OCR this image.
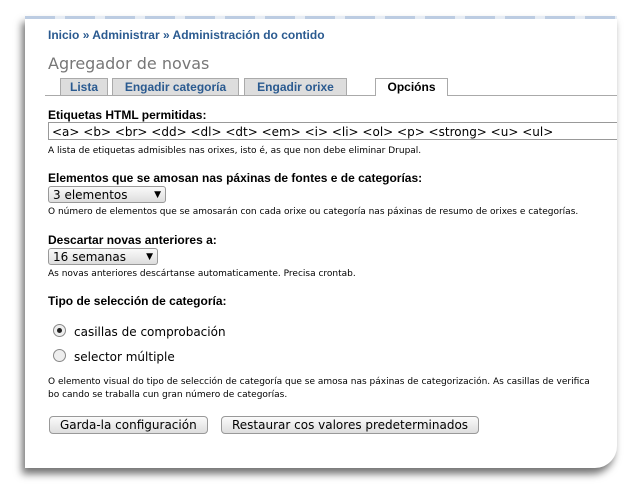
Inicio » Administrar » Administración do contido
Agregador de novas
Lista	Engadir categoría	Engadir orixe	Opcións
Etiquetas HTML permitidas:
<a> <b> <br> <dd> <dl> <dt> <em> <i> <li> <ol> <p> <strong> <u> <ul>
A lista de etiquetas admisibles nas orixes, isto é, as que non debe eliminar Drupal.
Elementos que se amosan nas páxinas de fontes e de categorías:
3 elementos	▼
O número de elementos que se amosarán con cada orixe ou categoría nas páxinas de resumo de orixes e categorías.
Descartar novas anteriores a:
16 semanas ▼
As novas anteriores descártanse automaticamente. Precisa crontab.
Tipo de selección de categoría:
casillas de comprobación
selector múltiple
O elemento visual do tipo de selección de categoría que se amosa nas páxinas de categorización. As casillas de verifica
bo cando se traballa cun gran número de categorías.
Garda-la configuración	Restaurar cos valores predeterminados
